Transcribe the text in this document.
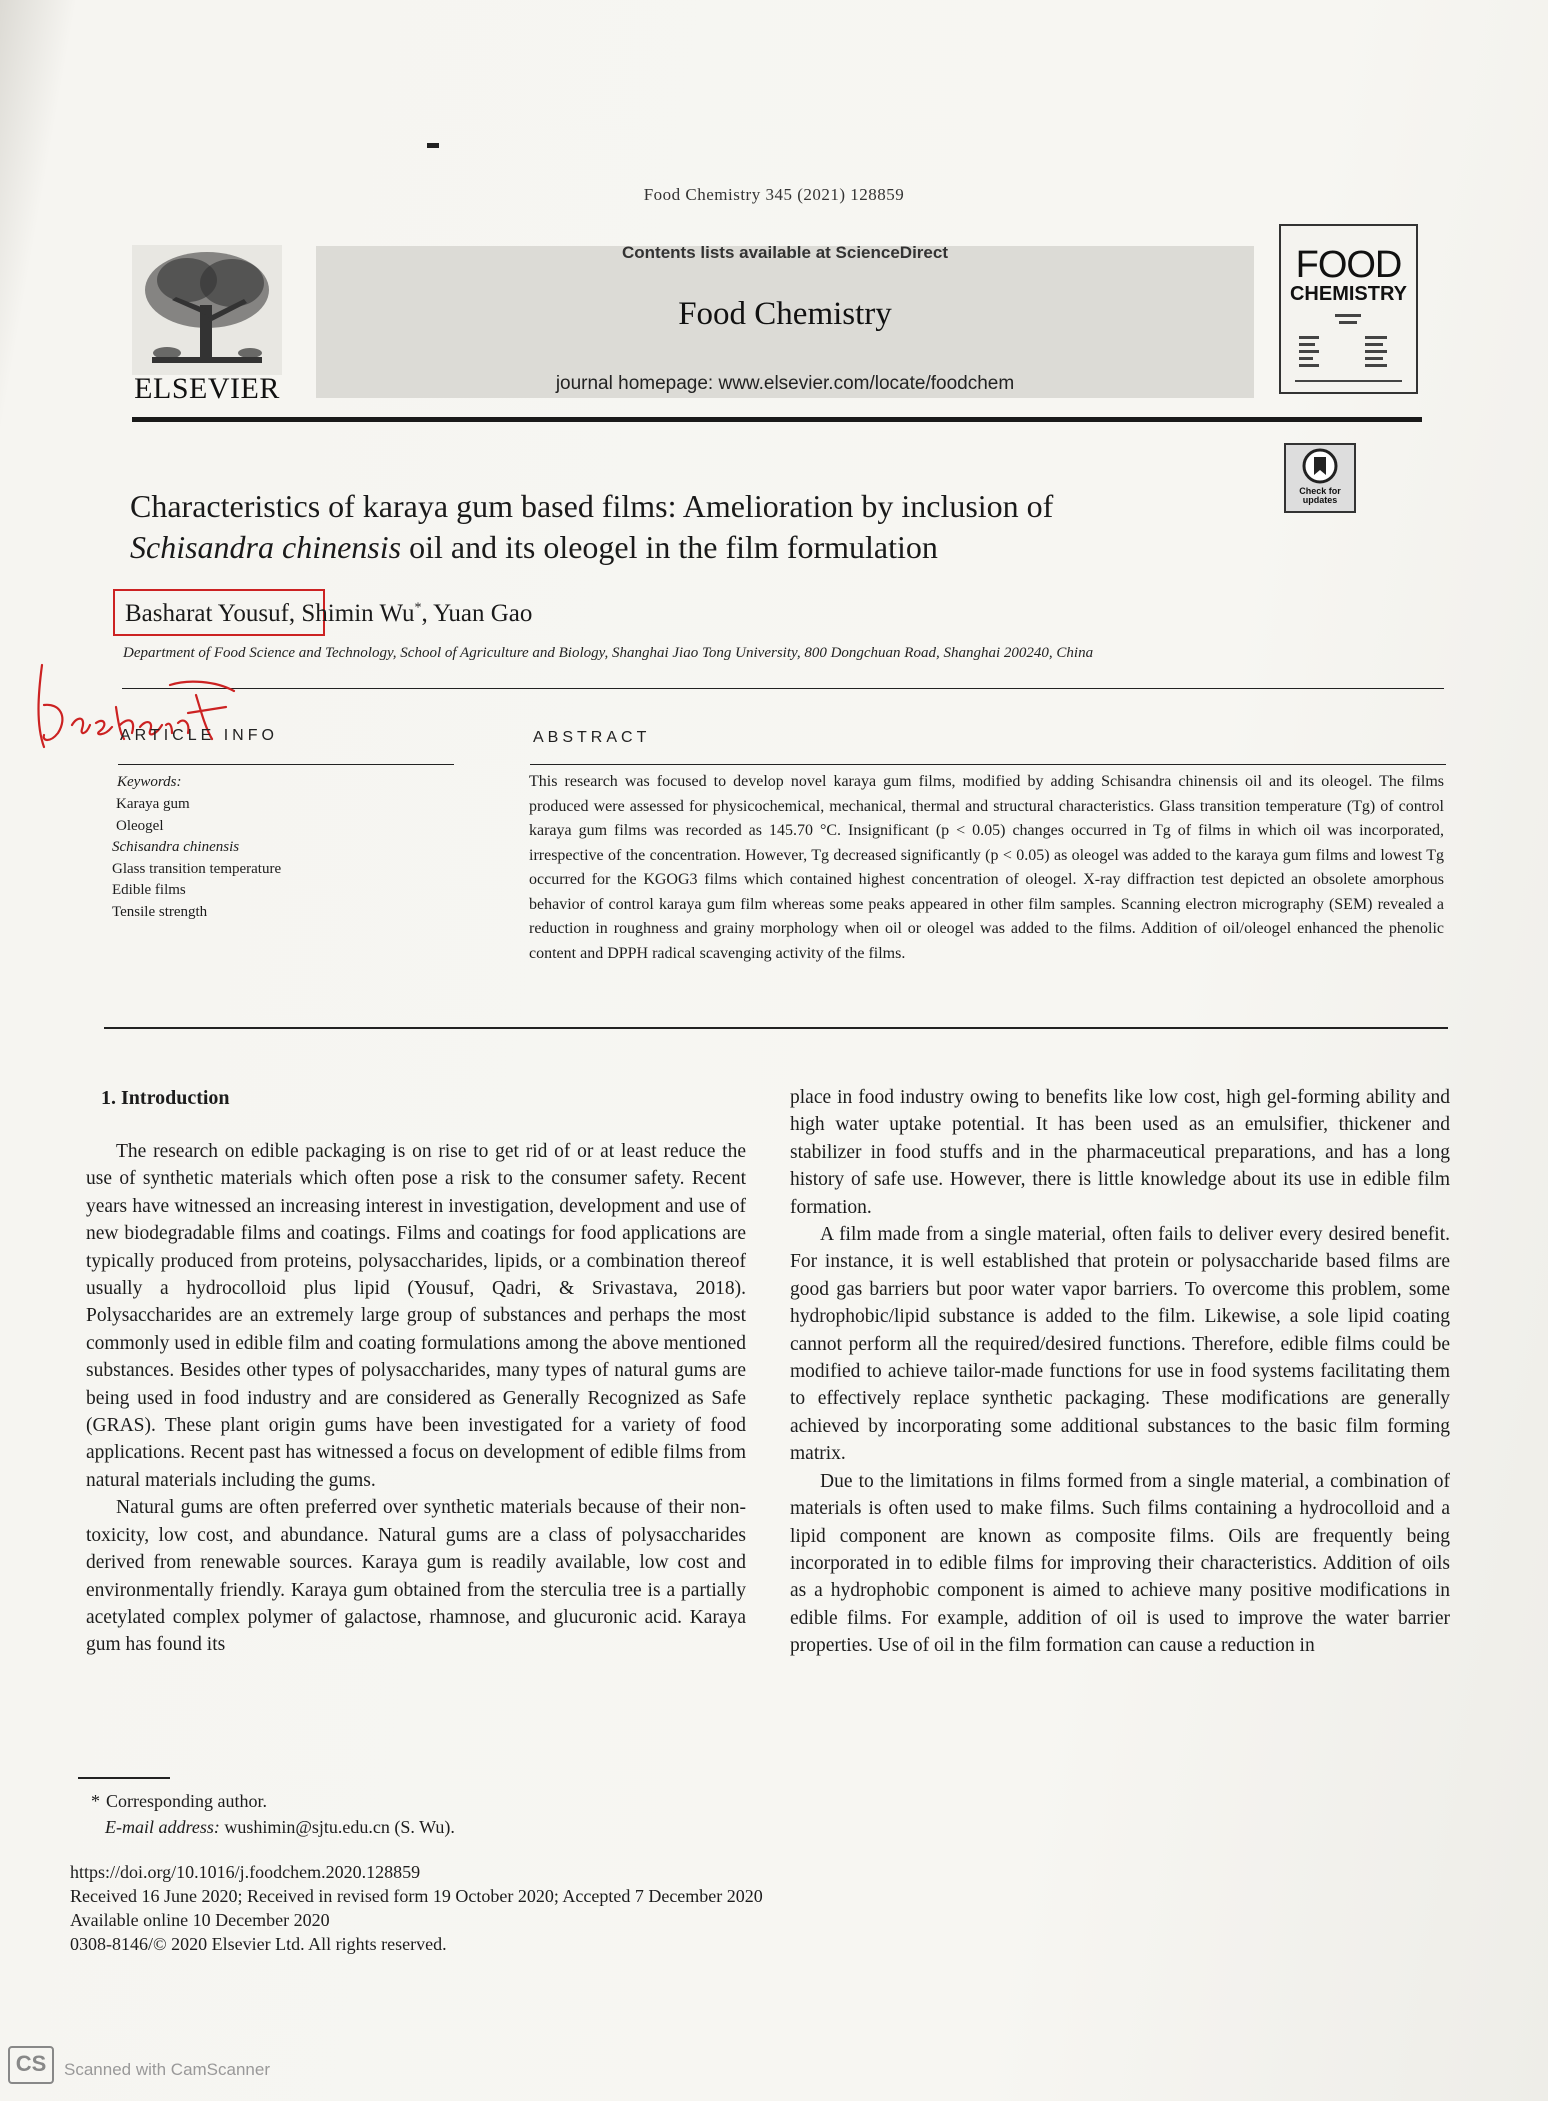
Food Chemistry 345 (2021) 128859
ELSEVIER
Contents lists available at ScienceDirect
Food Chemistry
journal homepage: www.elsevier.com/locate/foodchem
FOOD
CHEMISTRY
Check for updates
Characteristics of karaya gum based films: Amelioration by inclusion of
Schisandra chinensis oil and its oleogel in the film formulation
Basharat Yousuf, Shimin Wu*, Yuan Gao
Department of Food Science and Technology, School of Agriculture and Biology, Shanghai Jiao Tong University, 800 Dongchuan Road, Shanghai 200240, China
ARTICLE INFO
Keywords:
Karaya gum
Oleogel
Schisandra chinensis
Glass transition temperature
Edible films
Tensile strength
ABSTRACT
This research was focused to develop novel karaya gum films, modified by adding Schisandra chinensis oil and its oleogel. The films produced were assessed for physicochemical, mechanical, thermal and structural characteristics. Glass transition temperature (Tg) of control karaya gum films was recorded as 145.70 °C. Insignificant (p < 0.05) changes occurred in Tg of films in which oil was incorporated, irrespective of the concentration. However, Tg decreased significantly (p < 0.05) as oleogel was added to the karaya gum films and lowest Tg occurred for the KGOG3 films which contained highest concentration of oleogel. X-ray diffraction test depicted an obsolete amorphous behavior of control karaya gum film whereas some peaks appeared in other film samples. Scanning electron micrography (SEM) revealed a reduction in roughness and grainy morphology when oil or oleogel was added to the films. Addition of oil/oleogel enhanced the phenolic content and DPPH radical scavenging activity of the films.
1. Introduction

The research on edible packaging is on rise to get rid of or at least reduce the use of synthetic materials which often pose a risk to the consumer safety. Recent years have witnessed an increasing interest in investigation, development and use of new biodegradable films and coatings. Films and coatings for food applications are typically produced from proteins, polysaccharides, lipids, or a combination thereof usually a hydrocolloid plus lipid (Yousuf, Qadri, & Srivastava, 2018). Polysaccharides are an extremely large group of substances and perhaps the most commonly used in edible film and coating formulations among the above mentioned substances. Besides other types of polysaccharides, many types of natural gums are being used in food industry and are considered as Generally Recognized as Safe (GRAS). These plant origin gums have been investigated for a variety of food applications. Recent past has witnessed a focus on development of edible films from natural materials including the gums.

Natural gums are often preferred over synthetic materials because of their non-toxicity, low cost, and abundance. Natural gums are a class of polysaccharides derived from renewable sources. Karaya gum is readily available, low cost and environmentally friendly. Karaya gum obtained from the sterculia tree is a partially acetylated complex polymer of galactose, rhamnose, and glucuronic acid. Karaya gum has found its

place in food industry owing to benefits like low cost, high gel-forming ability and high water uptake potential. It has been used as an emulsifier, thickener and stabilizer in food stuffs and in the pharmaceutical preparations, and has a long history of safe use. However, there is little knowledge about its use in edible film formation.

A film made from a single material, often fails to deliver every desired benefit. For instance, it is well established that protein or polysaccharide based films are good gas barriers but poor water vapor barriers. To overcome this problem, some hydrophobic/lipid substance is added to the film. Likewise, a sole lipid coating cannot perform all the required/desired functions. Therefore, edible films could be modified to achieve tailor-made functions for use in food systems facilitating them to effectively replace synthetic packaging. These modifications are generally achieved by incorporating some additional substances to the basic film forming matrix.

Due to the limitations in films formed from a single material, a combination of materials is often used to make films. Such films containing a hydrocolloid and a lipid component are known as composite films. Oils are frequently being incorporated in to edible films for improving their characteristics. Addition of oils as a hydrophobic component is aimed to achieve many positive modifications in edible films. For example, addition of oil is used to improve the water barrier properties. Use of oil in the film formation can cause a reduction in

* Corresponding author.
E-mail address: wushimin@sjtu.edu.cn (S. Wu).
https://doi.org/10.1016/j.foodchem.2020.128859
Received 16 June 2020; Received in revised form 19 October 2020; Accepted 7 December 2020
Available online 10 December 2020
0308-8146/© 2020 Elsevier Ltd. All rights reserved.
CS	Scanned with CamScanner
